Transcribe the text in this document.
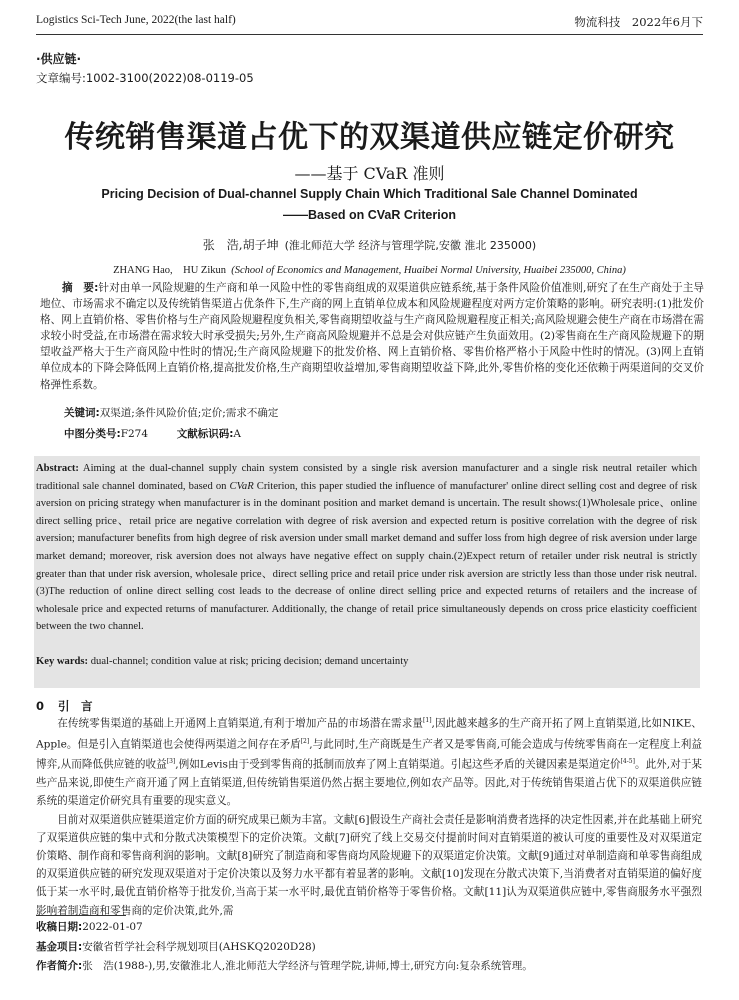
Logistics Sci-Tech June, 2022(the last half)	物流科技　2022年6月下
·供应链·
文章编号:1002-3100(2022)08-0119-05
传统销售渠道占优下的双渠道供应链定价研究
——基于 CVaR 准则
Pricing Decision of Dual-channel Supply Chain Which Traditional Sale Channel Dominated
——Based on CVaR Criterion
张　浩,胡子坤 (淮北师范大学 经济与管理学院,安徽 淮北 235000)
ZHANG Hao,　HU Zikun (School of Economics and Management, Huaibei Normal University, Huaibei 235000, China)
摘　要:针对由单一风险规避的生产商和单一风险中性的零售商组成的双渠道供应链系统,基于条件风险价值准则,研究了在生产商处于主导地位、市场需求不确定以及传统销售渠道占优条件下,生产商的网上直销单位成本和风险规避程度对两方定价策略的影响。研究表明:(1)批发价格、网上直销价格、零售价格与生产商风险规避程度负相关,零售商期望收益与生产商风险规避程度正相关;高风险规避会使生产商在市场潜在需求较小时受益,在市场潜在需求较大时承受损失;另外,生产商高风险规避并不总是会对供应链产生负面效用。(2)零售商在生产商风险规避下的期望收益严格大于生产商风险中性时的情况;生产商风险规避下的批发价格、网上直销价格、零售价格严格小于风险中性时的情况。(3)网上直销单位成本的下降会降低网上直销价格,提高批发价格,生产商期望收益增加,零售商期望收益下降,此外,零售价格的变化还依赖于两渠道间的交叉价格弹性系数。
关键词:双渠道;条件风险价值;定价;需求不确定
中图分类号:F274	文献标识码:A
Abstract: Aiming at the dual-channel supply chain system consisted by a single risk aversion manufacturer and a single risk neutral retailer which traditional sale channel dominated, based on CVaR Criterion, this paper studied the influence of manufacturer' online direct selling cost and degree of risk aversion on pricing strategy when manufacturer is in the dominant position and market demand is uncertain. The result shows:(1)Wholesale price、online direct selling price、retail price are negative correlation with degree of risk aversion and expected return is positive correlation with the degree of risk aversion; manufacturer benefits from high degree of risk aversion under small market demand and suffer loss from high degree of risk aversion under large market demand; moreover, risk aversion does not always have negative effect on supply chain.(2)Expect return of retailer under risk neutral is strictly greater than that under risk aversion, wholesale price、direct selling price and retail price under risk aversion are strictly less than those under risk neutral.(3)The reduction of online direct selling cost leads to the decrease of online direct selling price and expected returns of retailers and the increase of wholesale price and expected returns of manufacturer. Additionally, the change of retail price simultaneously depends on cross price elasticity coefficient between the two channel.
Key wards: dual-channel; condition value at risk; pricing decision; demand uncertainty
0 引　言

在传统零售渠道的基础上开通网上直销渠道,有利于增加产品的市场潜在需求量[1],因此越来越多的生产商开拓了网上直销渠道,比如NIKE、Apple。但是引入直销渠道也会使得两渠道之间存在矛盾[2],与此同时,生产商既是生产者又是零售商,可能会造成与传统零售商在一定程度上利益博弈,从而降低供应链的收益[3],例如Levis由于受到零售商的抵制而放弃了网上直销渠道。引起这些矛盾的关键因素是渠道定价[4-5]。此外,对于某些产品来说,即使生产商开通了网上直销渠道,但传统销售渠道仍然占据主要地位,例如农产品等。因此,对于传统销售渠道占优下的双渠道供应链系统的渠道定价研究具有重要的现实意义。

目前对双渠道供应链渠道定价方面的研究成果已颇为丰富。文献[6]假设生产商社会责任是影响消费者选择的决定性因素,并在此基础上研究了双渠道供应链的集中式和分散式决策模型下的定价决策。文献[7]研究了线上交易交付提前时间对直销渠道的被认可度的重要性及对双渠道定价策略、制作商和零售商利润的影响。文献[8]研究了制造商和零售商均风险规避下的双渠道定价决策。文献[9]通过对单制造商和单零售商组成的双渠道供应链的研究发现双渠道对于定价决策以及努力水平都有着显著的影响。文献[10]发现在分散式决策下,当消费者对直销渠道的偏好度低于某一水平时,最优直销价格等于批发价,当高于某一水平时,最优直销价格等于零售价格。文献[11]认为双渠道供应链中,零售商服务水平强烈影响着制造商和零售商的定价决策,此外,需

收稿日期:2022-01-07
基金项目:安徽省哲学社会科学规划项目(AHSKQ2020D28)
作者简介:张　浩(1988-),男,安徽淮北人,淮北师范大学经济与管理学院,讲师,博士,研究方向:复杂系统管理。
